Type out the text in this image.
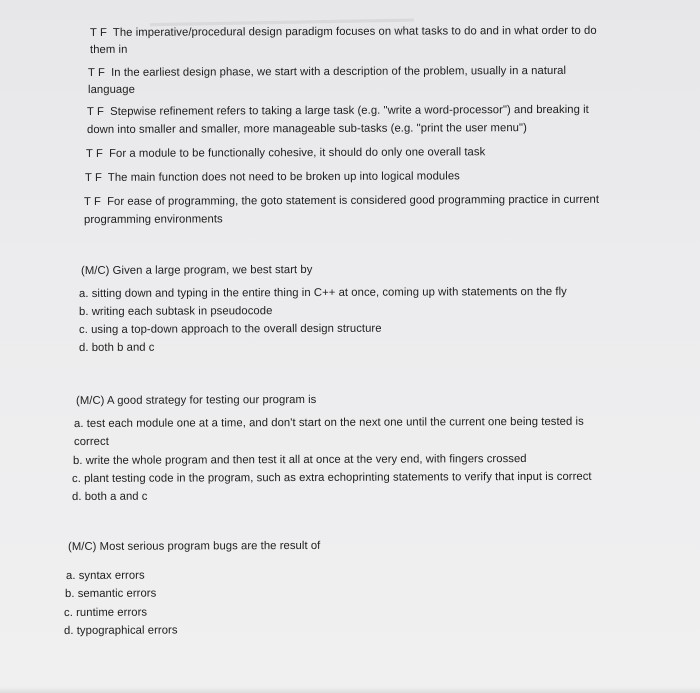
▬▬▬▬▬▬▬▬▬▬▬▬▬▬▬▬▬▬▬▬▬▬▬▬
T F The imperative/procedural design paradigm focuses on what tasks to do and in what order to do
them in
T F In the earliest design phase, we start with a description of the problem, usually in a natural
language
T F Stepwise refinement refers to taking a large task (e.g. "write a word-processor") and breaking it
down into smaller and smaller, more manageable sub-tasks (e.g. "print the user menu")
T F For a module to be functionally cohesive, it should do only one overall task
T F The main function does not need to be broken up into logical modules
T F For ease of programming, the goto statement is considered good programming practice in current
programming environments
(M/C) Given a large program, we best start by
a. sitting down and typing in the entire thing in C++ at once, coming up with statements on the fly
b. writing each subtask in pseudocode
c. using a top-down approach to the overall design structure
d. both b and c
(M/C) A good strategy for testing our program is
a. test each module one at a time, and don't start on the next one until the current one being tested is
correct
b. write the whole program and then test it all at once at the very end, with fingers crossed
c. plant testing code in the program, such as extra echoprinting statements to verify that input is correct
d. both a and c
(M/C) Most serious program bugs are the result of
a. syntax errors
b. semantic errors
c. runtime errors
d. typographical errors
